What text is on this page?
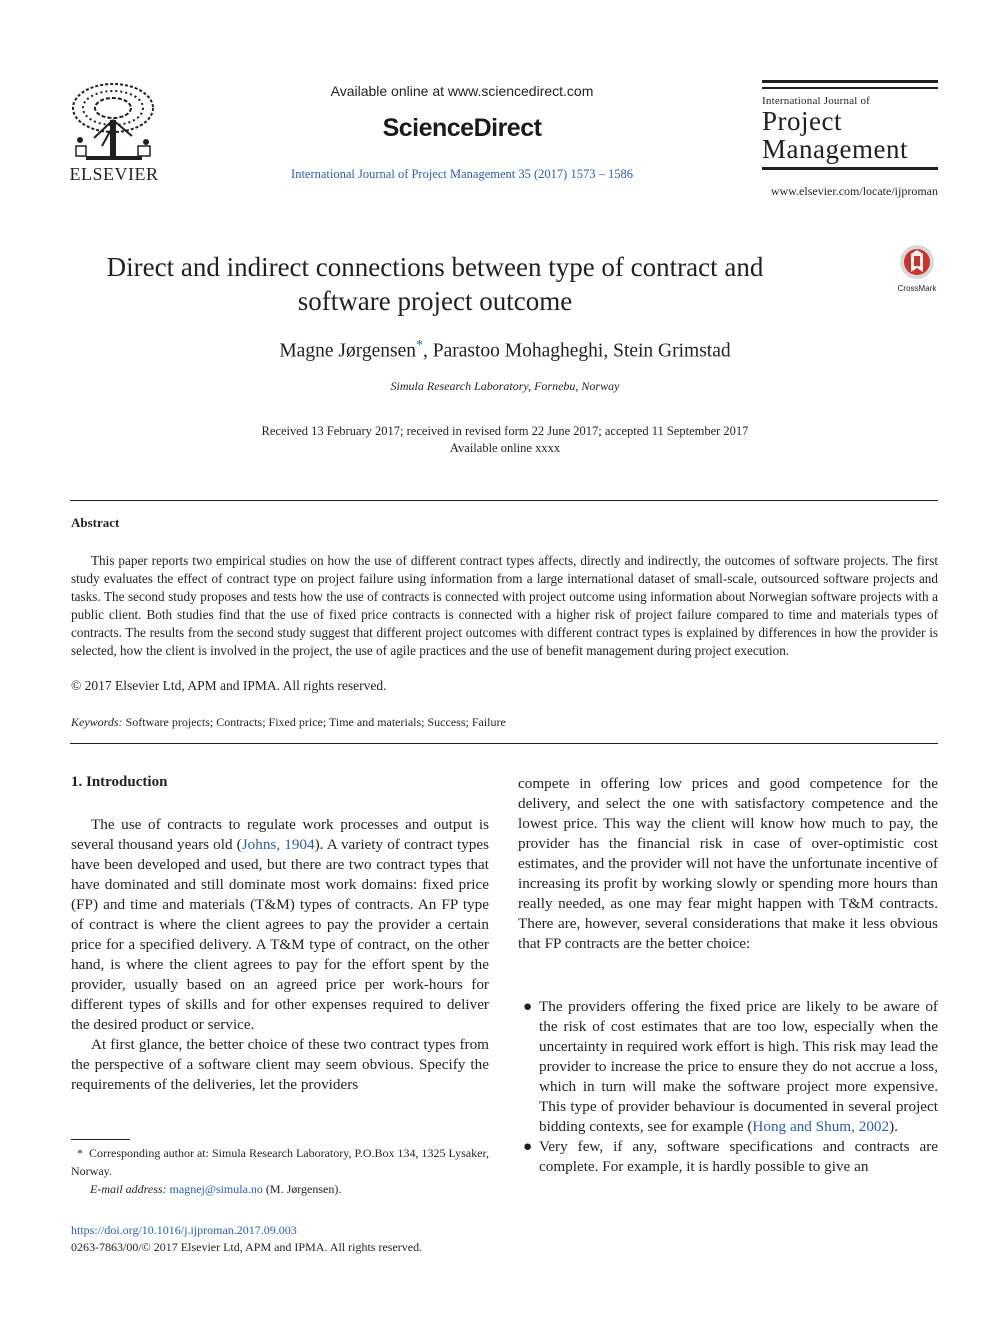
ELSEVIER
Available online at www.sciencedirect.com
ScienceDirect
International Journal of Project Management 35 (2017) 1573 – 1586
International Journal of
Project
Management
www.elsevier.com/locate/ijproman
Direct and indirect connections between type of contract and
software project outcome	CrossMark
Magne Jørgensen*, Parastoo Mohagheghi, Stein Grimstad
Simula Research Laboratory, Fornebu, Norway
Received 13 February 2017; received in revised form 22 June 2017; accepted 11 September 2017
Available online xxxx
Abstract

This paper reports two empirical studies on how the use of different contract types affects, directly and indirectly, the outcomes of software projects. The first study evaluates the effect of contract type on project failure using information from a large international dataset of small-scale, outsourced software projects and tasks. The second study proposes and tests how the use of contracts is connected with project outcome using information about Norwegian software projects with a public client. Both studies find that the use of fixed price contracts is connected with a higher risk of project failure compared to time and materials types of contracts. The results from the second study suggest that different project outcomes with different contract types is explained by differences in how the provider is selected, how the client is involved in the project, the use of agile practices and the use of benefit management during project execution.

© 2017 Elsevier Ltd, APM and IPMA. All rights reserved.
Keywords: Software projects; Contracts; Fixed price; Time and materials; Success; Failure
1. Introduction

The use of contracts to regulate work processes and output is several thousand years old (Johns, 1904). A variety of contract types have been developed and used, but there are two contract types that have dominated and still dominate most work domains: fixed price (FP) and time and materials (T&M) types of contracts. An FP type of contract is where the client agrees to pay the provider a certain price for a specified delivery. A T&M type of contract, on the other hand, is where the client agrees to pay for the effort spent by the provider, usually based on an agreed price per work-hours for different types of skills and for other expenses required to deliver the desired product or service.

At first glance, the better choice of these two contract types from the perspective of a software client may seem obvious. Specify the requirements of the deliveries, let the providers

compete in offering low prices and good competence for the delivery, and select the one with satisfactory competence and the lowest price. This way the client will know how much to pay, the provider has the financial risk in case of over-optimistic cost estimates, and the provider will not have the unfortunate incentive of increasing its profit by working slowly or spending more hours than really needed, as one may fear might happen with T&M contracts. There are, however, several considerations that make it less obvious that FP contracts are the better choice:

● The providers offering the fixed price are likely to be aware of the risk of cost estimates that are too low, especially when the uncertainty in required work effort is high. This risk may lead the provider to increase the price to ensure they do not accrue a loss, which in turn will make the software project more expensive. This type of provider behaviour is documented in several project bidding contexts, see for example (Hong and Shum, 2002).
● Very few, if any, software specifications and contracts are complete. For example, it is hardly possible to give an
* Corresponding author at: Simula Research Laboratory, P.O.Box 134, 1325 Lysaker, Norway.
E-mail address: magnej@simula.no (M. Jørgensen).
https://doi.org/10.1016/j.ijproman.2017.09.003
0263-7863/00/© 2017 Elsevier Ltd, APM and IPMA. All rights reserved.
